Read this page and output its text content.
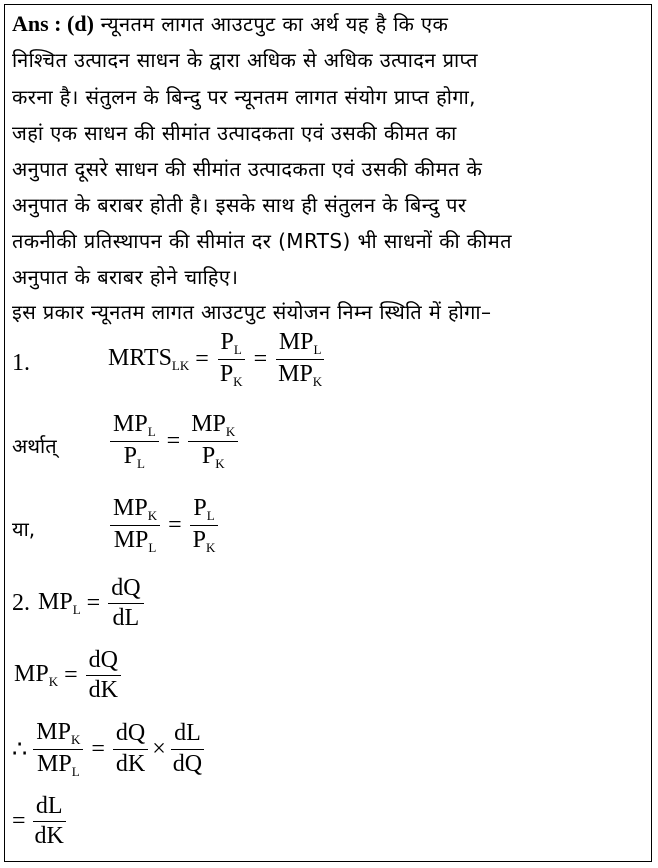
Ans : (d) न्यूनतम लागत आउटपुट का अर्थ यह है कि एक
निश्चित उत्पादन साधन के द्वारा अधिक से अधिक उत्पादन प्राप्त
करना है। संतुलन के बिन्दु पर न्यूनतम लागत संयोग प्राप्त होगा,
जहां एक साधन की सीमांत उत्पादकता एवं उसकी कीमत का
अनुपात दूसरे साधन की सीमांत उत्पादकता एवं उसकी कीमत के
अनुपात के बराबर होती है। इसके साथ ही संतुलन के बिन्दु पर
तकनीकी प्रतिस्थापन की सीमांत दर (MRTS) भी साधनों की कीमत
अनुपात के बराबर होने चाहिए।
इस प्रकार न्यूनतम लागत आउटपुट संयोजन निम्न स्थिति में होगा–
1.	$MRTS_{LK} = \frac{P_L}{P_K} = \frac{MP_L}{MP_K}$
अर्थात् $\frac{MP_L}{P_L} = \frac{MP_K}{P_K}$
या,	$\frac{MP_K}{MP_L} = \frac{P_L}{P_K}$
2. $MP_L = \frac{dQ}{dL}$
$MP_K = \frac{dQ}{dK}$
∴ $\frac{MP_K}{MP_L} = \frac{dQ}{dK} \times \frac{dL}{dQ}$
= $\frac{dL}{dK}$
